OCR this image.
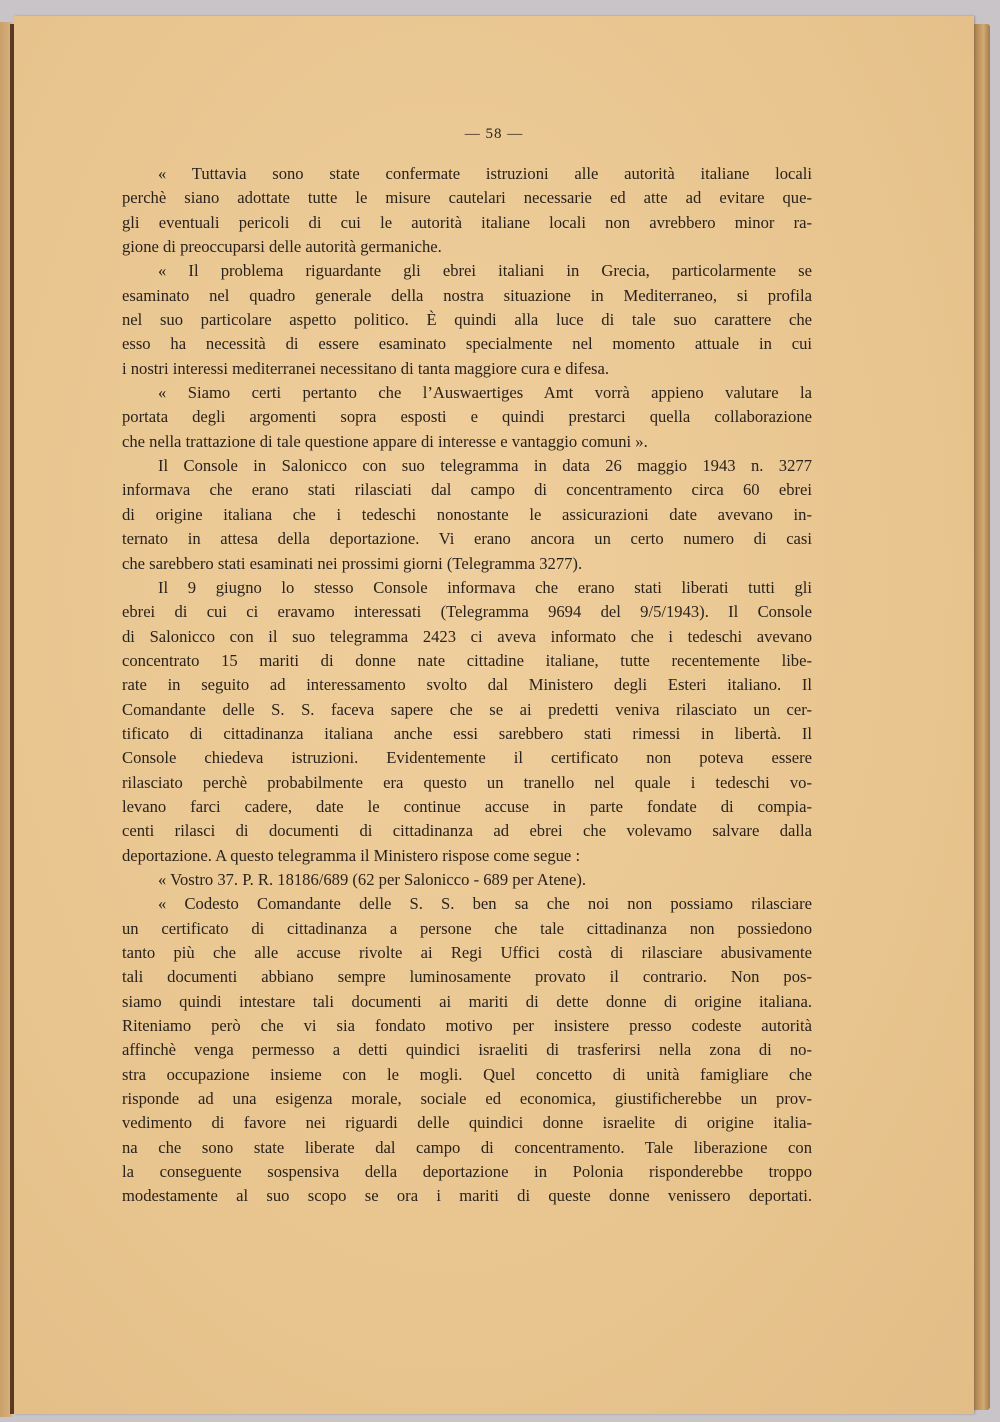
— 58 —
« Tuttavia sono state confermate istruzioni alle autorità italiane locali
perchè siano adottate tutte le misure cautelari necessarie ed atte ad evitare que-
gli eventuali pericoli di cui le autorità italiane locali non avrebbero minor ra-
gione di preoccuparsi delle autorità germaniche.
« Il problema riguardante gli ebrei italiani in Grecia, particolarmente se
esaminato nel quadro generale della nostra situazione in Mediterraneo, si profila
nel suo particolare aspetto politico. È quindi alla luce di tale suo carattere che
esso ha necessità di essere esaminato specialmente nel momento attuale in cui
i nostri interessi mediterranei necessitano di tanta maggiore cura e difesa.
« Siamo certi pertanto che l’Auswaertiges Amt vorrà appieno valutare la
portata degli argomenti sopra esposti e quindi prestarci quella collaborazione
che nella trattazione di tale questione appare di interesse e vantaggio comuni ».
Il Console in Salonicco con suo telegramma in data 26 maggio 1943 n. 3277
informava che erano stati rilasciati dal campo di concentramento circa 60 ebrei
di origine italiana che i tedeschi nonostante le assicurazioni date avevano in-
ternato in attesa della deportazione. Vi erano ancora un certo numero di casi
che sarebbero stati esaminati nei prossimi giorni (Telegramma 3277).
Il 9 giugno lo stesso Console informava che erano stati liberati tutti gli
ebrei di cui ci eravamo interessati (Telegramma 9694 del 9/5/1943). Il Console
di Salonicco con il suo telegramma 2423 ci aveva informato che i tedeschi avevano
concentrato 15 mariti di donne nate cittadine italiane, tutte recentemente libe-
rate in seguito ad interessamento svolto dal Ministero degli Esteri italiano. Il
Comandante delle S. S. faceva sapere che se ai predetti veniva rilasciato un cer-
tificato di cittadinanza italiana anche essi sarebbero stati rimessi in libertà. Il
Console chiedeva istruzioni. Evidentemente il certificato non poteva essere
rilasciato perchè probabilmente era questo un tranello nel quale i tedeschi vo-
levano farci cadere, date le continue accuse in parte fondate di compia-
centi rilasci di documenti di cittadinanza ad ebrei che volevamo salvare dalla
deportazione. A questo telegramma il Ministero rispose come segue :
« Vostro 37. P. R. 18186/689 (62 per Salonicco - 689 per Atene).
« Codesto Comandante delle S. S. ben sa che noi non possiamo rilasciare
un certificato di cittadinanza a persone che tale cittadinanza non possiedono
tanto più che alle accuse rivolte ai Regi Uffici costà di rilasciare abusivamente
tali documenti abbiano sempre luminosamente provato il contrario. Non pos-
siamo quindi intestare tali documenti ai mariti di dette donne di origine italiana.
Riteniamo però che vi sia fondato motivo per insistere presso codeste autorità
affinchè venga permesso a detti quindici israeliti di trasferirsi nella zona di no-
stra occupazione insieme con le mogli. Quel concetto di unità famigliare che
risponde ad una esigenza morale, sociale ed economica, giustificherebbe un prov-
vedimento di favore nei riguardi delle quindici donne israelite di origine italia-
na che sono state liberate dal campo di concentramento. Tale liberazione con
la conseguente sospensiva della deportazione in Polonia risponderebbe troppo
modestamente al suo scopo se ora i mariti di queste donne venissero deportati.
